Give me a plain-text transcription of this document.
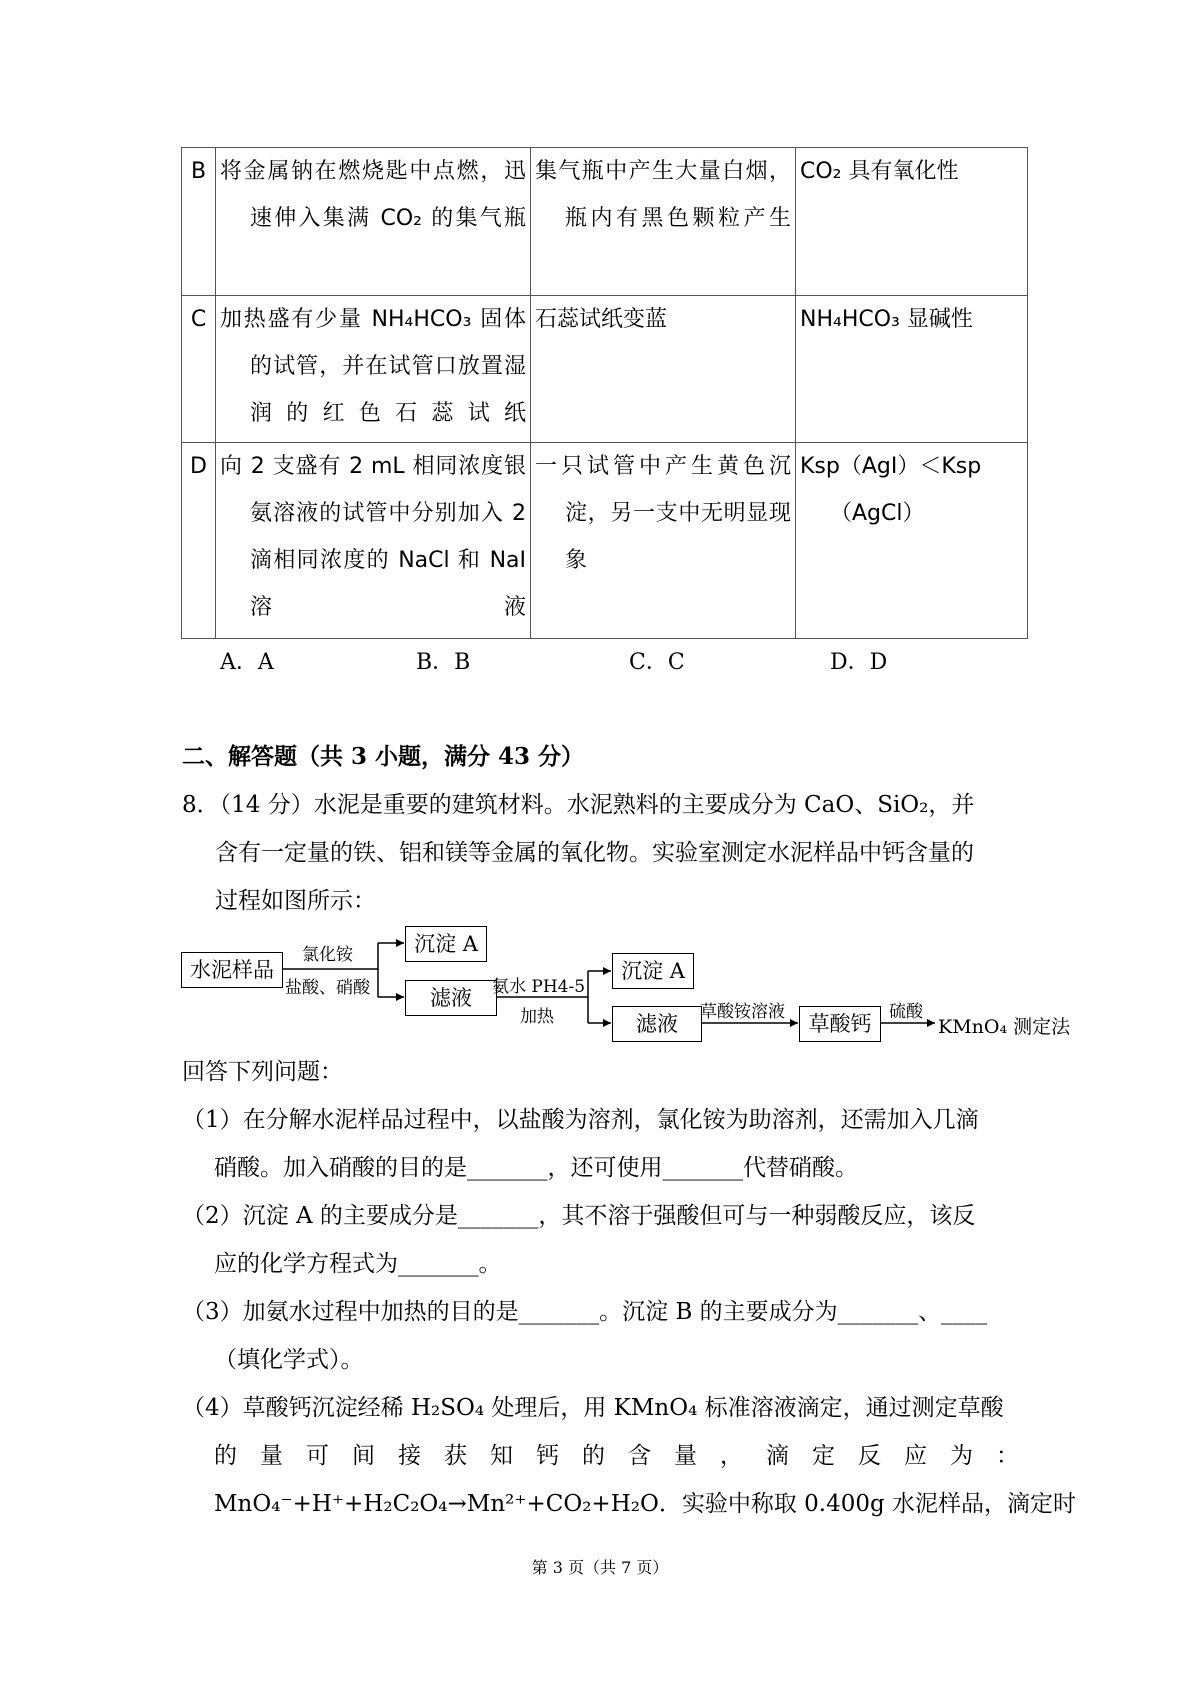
B	将金属钠在燃烧匙中点燃，迅速伸入集满 CO₂ 的集气瓶	集气瓶中产生大量白烟，瓶内有黑色颗粒产生	CO₂ 具有氧化性
C	加热盛有少量 NH₄HCO₃ 固体的试管，并在试管口放置湿润的红色石蕊试纸	石蕊试纸变蓝	NH₄HCO₃ 显碱性
D	向 2 支盛有 2 mL 相同浓度银氨溶液的试管中分别加入 2 滴相同浓度的 NaCl 和 NaI 溶液	一只试管中产生黄色沉淀，另一支中无明显现象	Ksp（AgI）＜Ksp（AgCl）
A．A	B．B	C．C	D．D
二、解答题（共 3 小题，满分 43 分）
8．（14 分）水泥是重要的建筑材料。水泥熟料的主要成分为 CaO、SiO₂，并
含有一定量的铁、铝和镁等金属的氧化物。实验室测定水泥样品中钙含量的
过程如图所示：
水泥样品
氯化铵
盐酸、硝酸
沉淀 A
滤液	氨水 PH4-5
加热
沉淀 A
滤液	草酸铵溶液	草酸钙	硫酸
KMnO₄ 测定法
回答下列问题：
（1）在分解水泥样品过程中，以盐酸为溶剂，氯化铵为助溶剂，还需加入几滴
硝酸。加入硝酸的目的是_______，还可使用_______代替硝酸。
（2）沉淀 A 的主要成分是_______，其不溶于强酸但可与一种弱酸反应，该反
应的化学方程式为_______。
（3）加氨水过程中加热的目的是_______。沉淀 B 的主要成分为_______、____
（填化学式）。
（4）草酸钙沉淀经稀 H₂SO₄ 处理后，用 KMnO₄ 标准溶液滴定，通过测定草酸
的量可间接获知钙的含量，滴定反应为：
MnO₄⁻+H⁺+H₂C₂O₄→Mn²⁺+CO₂+H₂O．实验中称取 0.400g 水泥样品，滴定时
第 3 页（共 7 页）
